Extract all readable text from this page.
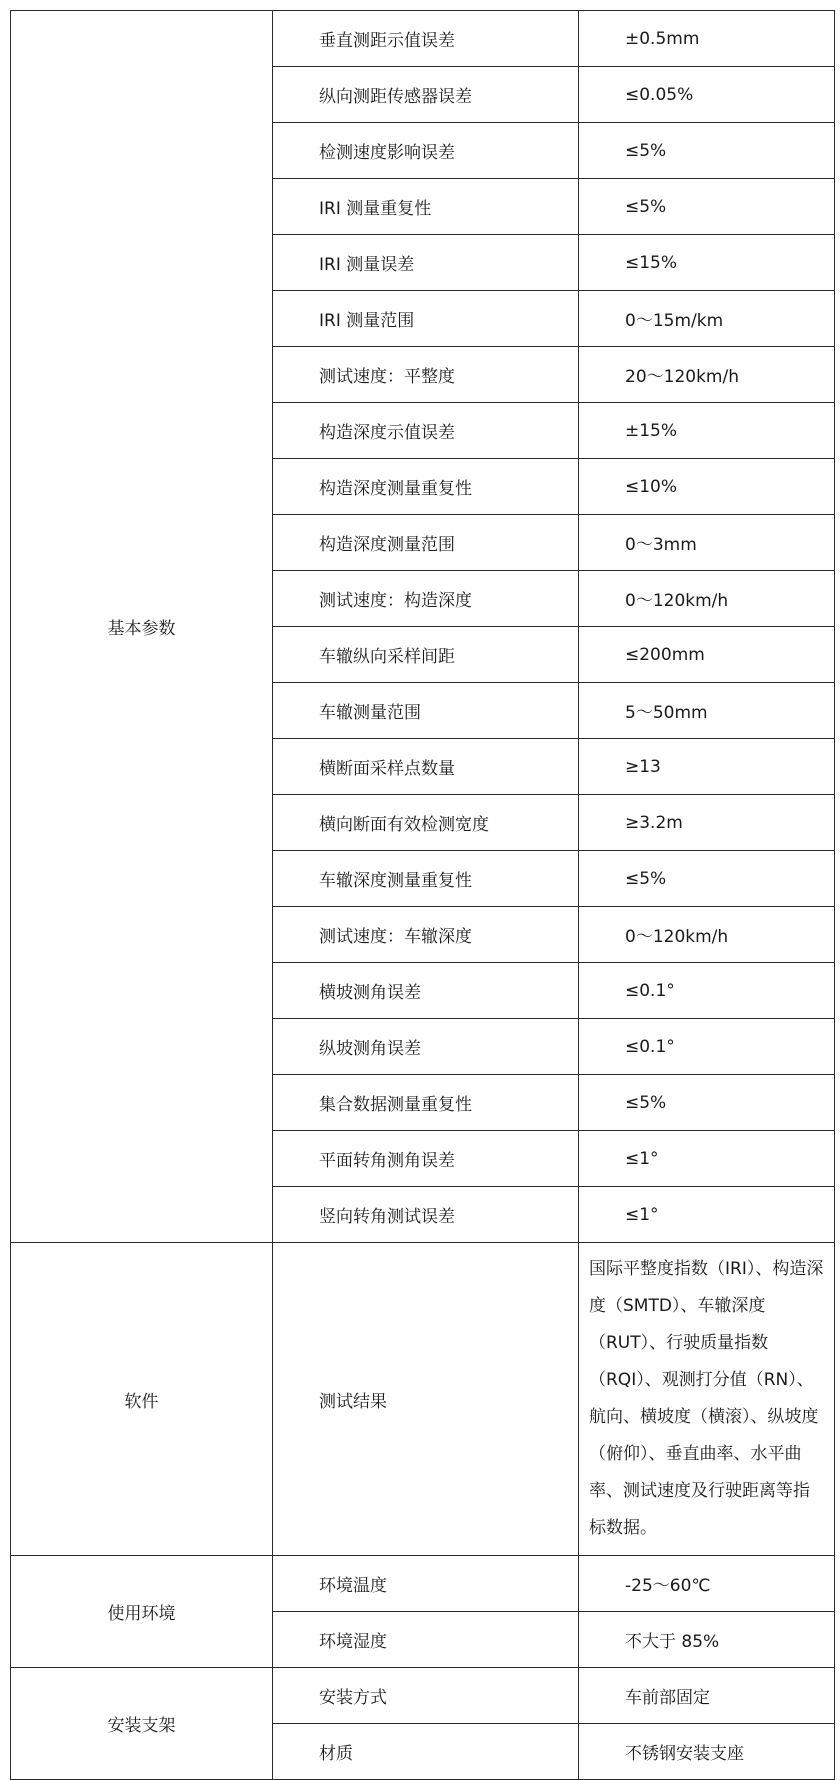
基本参数	垂直测距示值误差	±0.5mm
	纵向测距传感器误差	≤0.05%
	检测速度影响误差	≤5%
	IRI 测量重复性	≤5%
	IRI 测量误差	≤15%
	IRI 测量范围	0～15m/km
	测试速度：平整度	20～120km/h
	构造深度示值误差	±15%
	构造深度测量重复性	≤10%
	构造深度测量范围	0～3mm
	测试速度：构造深度	0～120km/h
	车辙纵向采样间距	≤200mm
	车辙测量范围	5～50mm
	横断面采样点数量	≥13
	横向断面有效检测宽度	≥3.2m
	车辙深度测量重复性	≤5%
	测试速度：车辙深度	0～120km/h
	横坡测角误差	≤0.1°
	纵坡测角误差	≤0.1°
	集合数据测量重复性	≤5%
	平面转角测角误差	≤1°
	竖向转角测试误差	≤1°
软件	测试结果	国际平整度指数（IRI）、构造深度（SMTD）、车辙深度（RUT）、行驶质量指数（RQI）、观测打分值（RN）、航向、横坡度（横滚）、纵坡度（俯仰）、垂直曲率、水平曲率、测试速度及行驶距离等指标数据。
使用环境	环境温度	-25～60℃
	环境湿度	不大于 85%
安装支架	安装方式	车前部固定
	材质	不锈钢安装支座
